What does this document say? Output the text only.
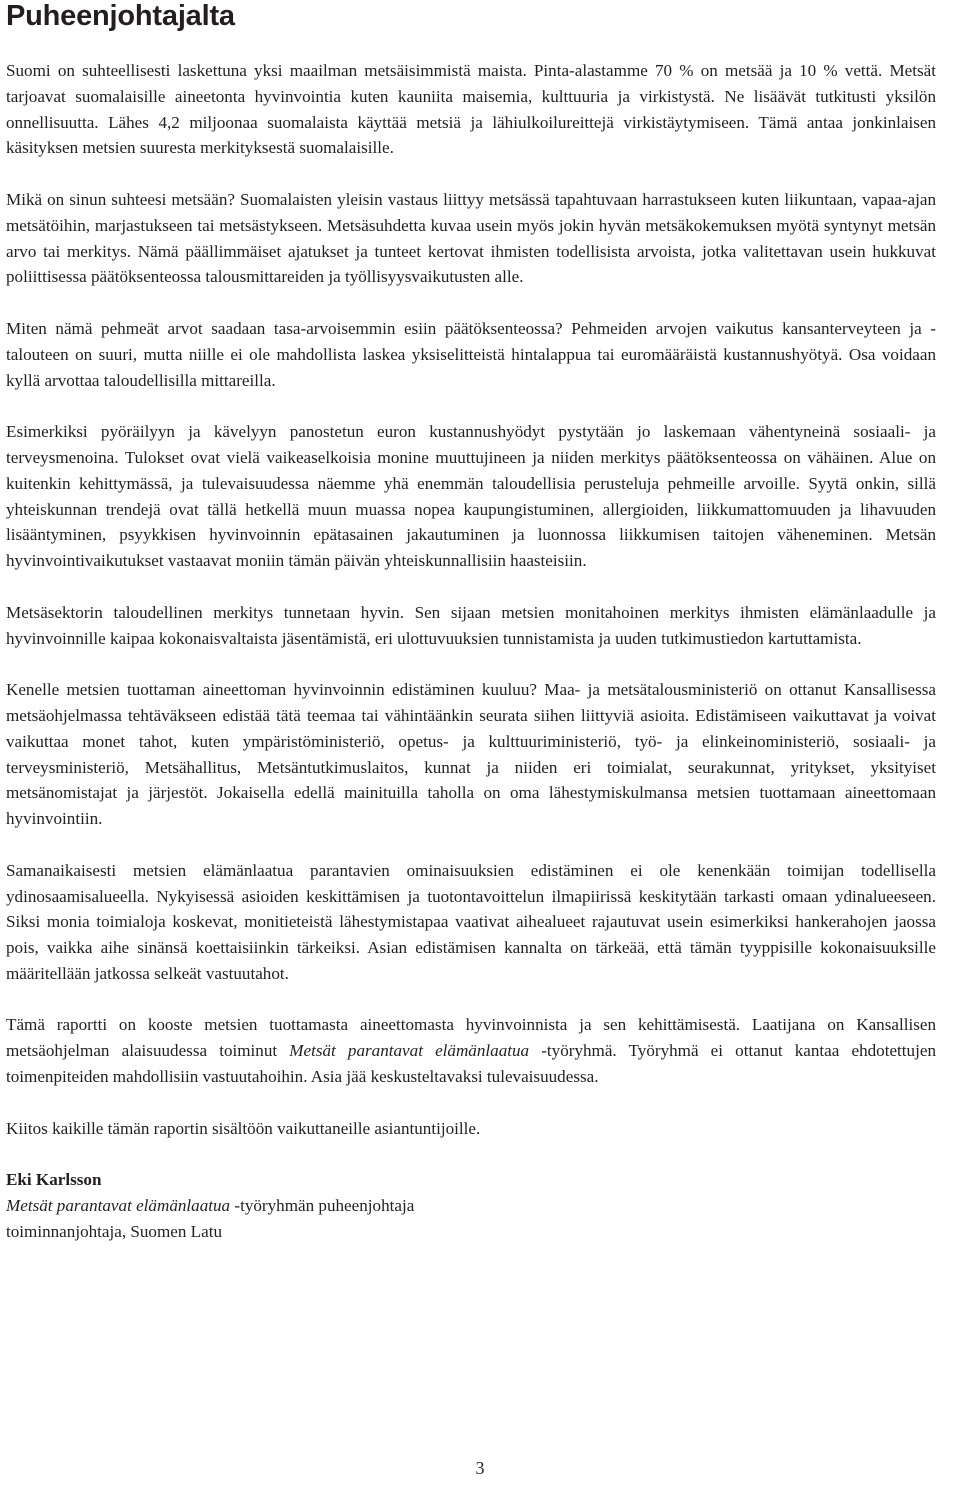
Puheenjohtajalta

Suomi on suhteellisesti laskettuna yksi maailman metsäisimmistä maista. Pinta-alastamme 70 % on metsää ja 10 % vettä. Metsät tarjoavat suomalaisille aineetonta hyvinvointia kuten kauniita maisemia, kulttuuria ja virkistystä. Ne lisäävät tutkitusti yksilön onnellisuutta. Lähes 4,2 miljoonaa suomalaista käyttää metsiä ja lähiulkoilureittejä virkistäytymiseen. Tämä antaa jonkinlaisen käsityksen metsien suuresta merkityksestä suomalaisille.

Mikä on sinun suhteesi metsään? Suomalaisten yleisin vastaus liittyy metsässä tapahtuvaan harrastukseen kuten liikuntaan, vapaa-ajan metsätöihin, marjastukseen tai metsästykseen. Metsäsuhdetta kuvaa usein myös jokin hyvän metsäkokemuksen myötä syntynyt metsän arvo tai merkitys. Nämä päällimmäiset ajatukset ja tunteet kertovat ihmisten todellisista arvoista, jotka valitettavan usein hukkuvat poliittisessa päätöksenteossa talousmittareiden ja työllisyysvaikutusten alle.

Miten nämä pehmeät arvot saadaan tasa-arvoisemmin esiin päätöksenteossa? Pehmeiden arvojen vaikutus kansanterveyteen ja -talouteen on suuri, mutta niille ei ole mahdollista laskea yksiselitteistä hintalappua tai euromääräistä kustannushyötyä. Osa voidaan kyllä arvottaa taloudellisilla mittareilla.

Esimerkiksi pyöräilyyn ja kävelyyn panostetun euron kustannushyödyt pystytään jo laskemaan vähentyneinä sosiaali- ja terveysmenoina. Tulokset ovat vielä vaikeaselkoisia monine muuttujineen ja niiden merkitys päätöksenteossa on vähäinen. Alue on kuitenkin kehittymässä, ja tulevaisuudessa näemme yhä enemmän taloudellisia perusteluja pehmeille arvoille. Syytä onkin, sillä yhteiskunnan trendejä ovat tällä hetkellä muun muassa nopea kaupungistuminen, allergioiden, liikkumattomuuden ja lihavuuden lisääntyminen, psyykkisen hyvinvoinnin epätasainen jakautuminen ja luonnossa liikkumisen taitojen väheneminen. Metsän hyvinvointivaikutukset vastaavat moniin tämän päivän yhteiskunnallisiin haasteisiin.

Metsäsektorin taloudellinen merkitys tunnetaan hyvin. Sen sijaan metsien monitahoinen merkitys ihmisten elämänlaadulle ja hyvinvoinnille kaipaa kokonaisvaltaista jäsentämistä, eri ulottuvuuksien tunnistamista ja uuden tutkimustiedon kartuttamista.

Kenelle metsien tuottaman aineettoman hyvinvoinnin edistäminen kuuluu? Maa- ja metsätalousministeriö on ottanut Kansallisessa metsäohjelmassa tehtäväkseen edistää tätä teemaa tai vähintäänkin seurata siihen liittyviä asioita. Edistämiseen vaikuttavat ja voivat vaikuttaa monet tahot, kuten ympäristöministeriö, opetus- ja kulttuuriministeriö, työ- ja elinkeinoministeriö, sosiaali- ja terveysministeriö, Metsähallitus, Metsäntutkimuslaitos, kunnat ja niiden eri toimialat, seurakunnat, yritykset, yksityiset metsänomistajat ja järjestöt. Jokaisella edellä mainituilla taholla on oma lähestymiskulmansa metsien tuottamaan aineettomaan hyvinvointiin.

Samanaikaisesti metsien elämänlaatua parantavien ominaisuuksien edistäminen ei ole kenenkään toimijan todellisella ydinosaamisalueella. Nykyisessä asioiden keskittämisen ja tuotontavoittelun ilmapiirissä keskitytään tarkasti omaan ydinalueeseen. Siksi monia toimialoja koskevat, monitieteistä lähestymistapaa vaativat aihealueet rajautuvat usein esimerkiksi hankerahojen jaossa pois, vaikka aihe sinänsä koettaisiinkin tärkeiksi. Asian edistämisen kannalta on tärkeää, että tämän tyyppisille kokonaisuuksille määritellään jatkossa selkeät vastuutahot.

Tämä raportti on kooste metsien tuottamasta aineettomasta hyvinvoinnista ja sen kehittämisestä. Laatijana on Kansallisen metsäohjelman alaisuudessa toiminut Metsät parantavat elämänlaatua -työryhmä. Työryhmä ei ottanut kantaa ehdotettujen toimenpiteiden mahdollisiin vastuutahoihin. Asia jää keskusteltavaksi tulevaisuudessa.

Kiitos kaikille tämän raportin sisältöön vaikuttaneille asiantuntijoille.

Eki Karlsson

Metsät parantavat elämänlaatua -työryhmän puheenjohtaja

toiminnanjohtaja, Suomen Latu

3
